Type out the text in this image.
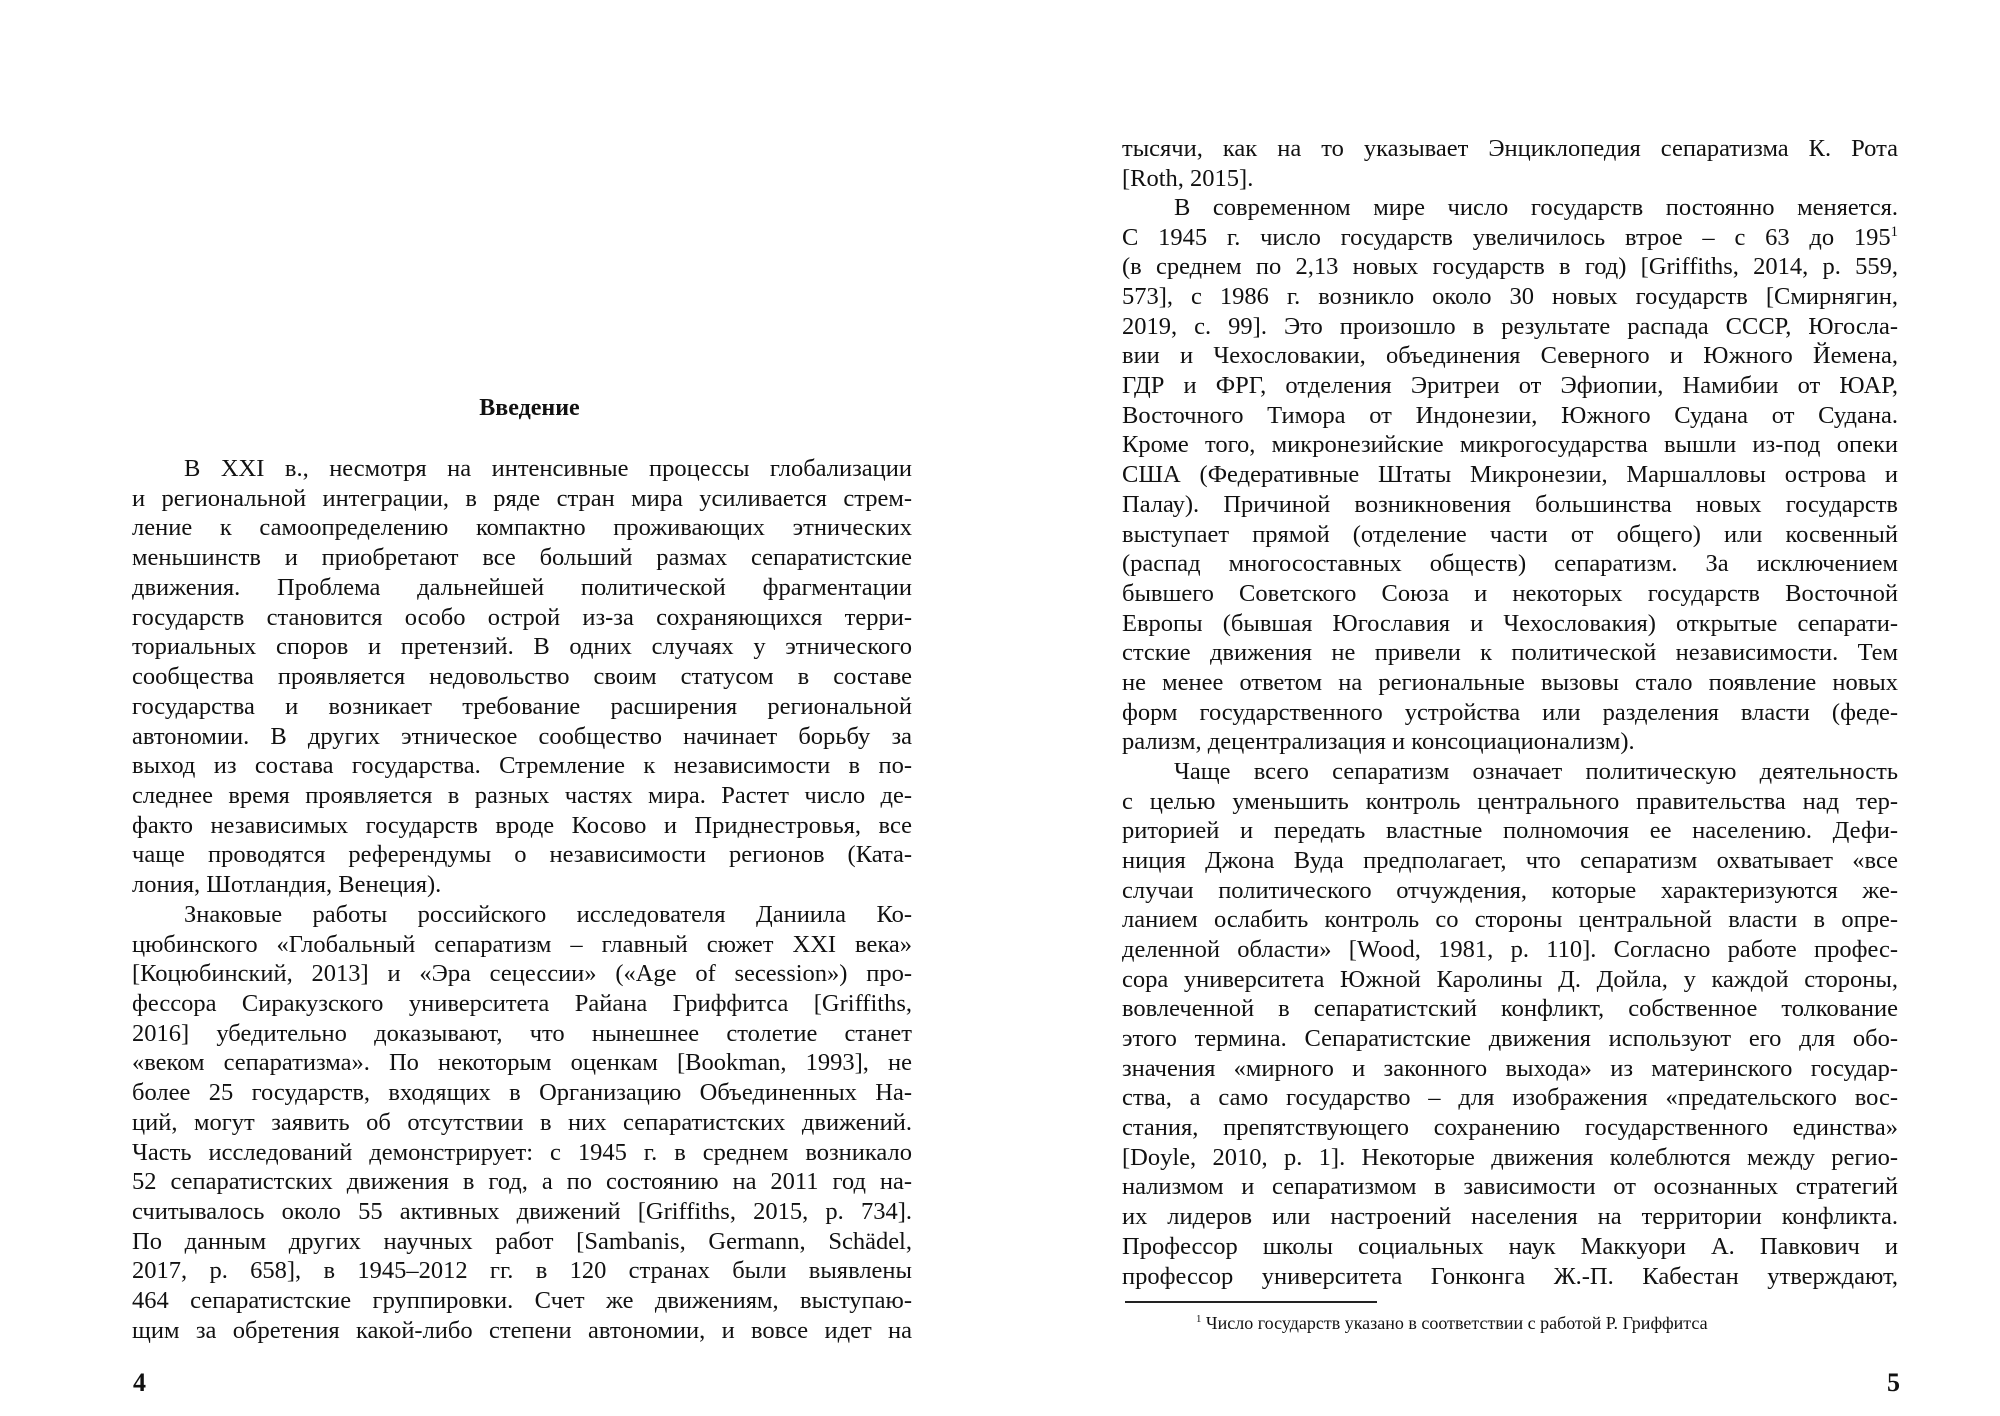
Введение

В XXI в., несмотря на интенсивные процессы глобализации

и региональной интеграции, в ряде стран мира усиливается стрем-

ление к самоопределению компактно проживающих этнических

меньшинств и приобретают все больший размах сепаратистские

движения. Проблема дальнейшей политической фрагментации

государств становится особо острой из-за сохраняющихся терри-

ториальных споров и претензий. В одних случаях у этнического

сообщества проявляется недовольство своим статусом в составе

государства и возникает требование расширения региональной

автономии. В других этническое сообщество начинает борьбу за

выход из состава государства. Стремление к независимости в по-

следнее время проявляется в разных частях мира. Растет число де-

факто независимых государств вроде Косово и Приднестровья, все

чаще проводятся референдумы о независимости регионов (Ката-

лония, Шотландия, Венеция).

Знаковые работы российского исследователя Даниила Ко-

цюбинского «Глобальный сепаратизм – главный сюжет XXI века»

[Коцюбинский, 2013] и «Эра сецессии» («Age of secession») про-

фессора Сиракузского университета Райана Гриффитса [Griffiths,

2016] убедительно доказывают, что нынешнее столетие станет

«веком сепаратизма». По некоторым оценкам [Bookman, 1993], не

более 25 государств, входящих в Организацию Объединенных На-

ций, могут заявить об отсутствии в них сепаратистских движений.

Часть исследований демонстрирует: с 1945 г. в среднем возникало

52 сепаратистских движения в год, а по состоянию на 2011 год на-

считывалось около 55 активных движений [Griffiths, 2015, p. 734].

По данным других научных работ [Sambanis, Germann, Schädel,

2017, p. 658], в 1945–2012 гг. в 120 странах были выявлены

464 сепаратистские группировки. Счет же движениям, выступаю-

щим за обретения какой-либо степени автономии, и вовсе идет на

4

тысячи, как на то указывает Энциклопедия сепаратизма К. Рота

[Roth, 2015].

В современном мире число государств постоянно меняется.

С 1945 г. число государств увеличилось втрое – с 63 до $195^1$

(в среднем по 2,13 новых государств в год) [Griffiths, 2014, p. 559,

573], с 1986 г. возникло около 30 новых государств [Смирнягин,

2019, с. 99]. Это произошло в результате распада СССР, Югосла-

вии и Чехословакии, объединения Северного и Южного Йемена,

ГДР и ФРГ, отделения Эритреи от Эфиопии, Намибии от ЮАР,

Восточного Тимора от Индонезии, Южного Судана от Судана.

Кроме того, микронезийские микрогосударства вышли из-под опеки

США (Федеративные Штаты Микронезии, Маршалловы острова и

Палау). Причиной возникновения большинства новых государств

выступает прямой (отделение части от общего) или косвенный

(распад многосоставных обществ) сепаратизм. За исключением

бывшего Советского Союза и некоторых государств Восточной

Европы (бывшая Югославия и Чехословакия) открытые сепарати-

стские движения не привели к политической независимости. Тем

не менее ответом на региональные вызовы стало появление новых

форм государственного устройства или разделения власти (феде-

рализм, децентрализация и консоциационализм).

Чаще всего сепаратизм означает политическую деятельность

с целью уменьшить контроль центрального правительства над тер-

риторией и передать властные полномочия ее населению. Дефи-

ниция Джона Вуда предполагает, что сепаратизм охватывает «все

случаи политического отчуждения, которые характеризуются же-

ланием ослабить контроль со стороны центральной власти в опре-

деленной области» [Wood, 1981, p. 110]. Согласно работе профес-

сора университета Южной Каролины Д. Дойла, у каждой стороны,

вовлеченной в сепаратистский конфликт, собственное толкование

этого термина. Сепаратистские движения используют его для обо-

значения «мирного и законного выхода» из материнского государ-

ства, а само государство – для изображения «предательского вос-

стания, препятствующего сохранению государственного единства»

[Doyle, 2010, p. 1]. Некоторые движения колеблются между регио-

нализмом и сепаратизмом в зависимости от осознанных стратегий

их лидеров или настроений населения на территории конфликта.

Профессор школы социальных наук Маккуори А. Павкович и

профессор университета Гонконга Ж.-П. Кабестан утверждают,

$^1$ Число государств указано в соответствии с работой Р. Гриффитса
5
